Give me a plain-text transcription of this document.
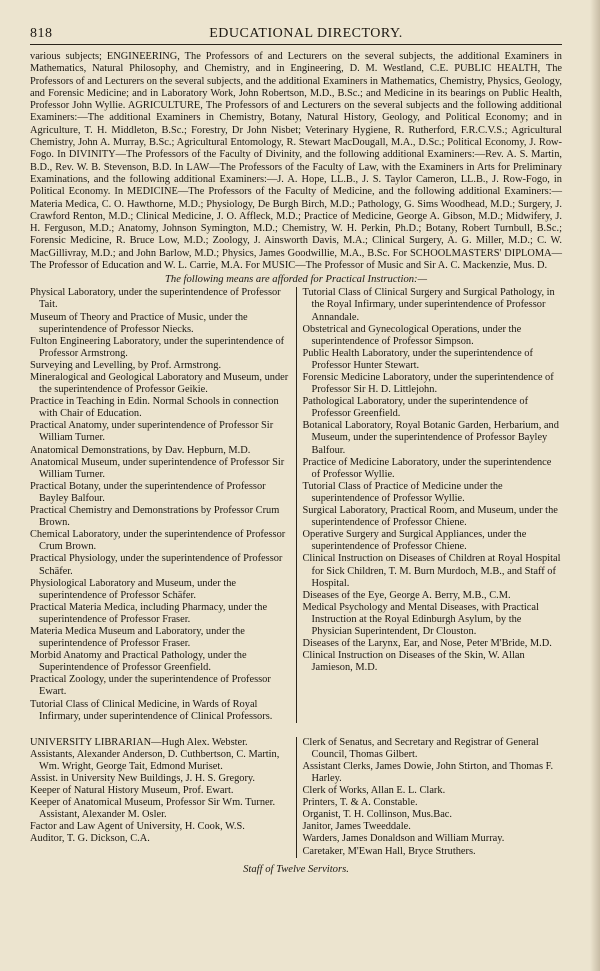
818	EDUCATIONAL DIRECTORY.

various subjects; ENGINEERING, The Professors of and Lecturers on the several subjects, the additional Examiners in Mathematics, Natural Philosophy, and Chemistry, and in Engineering, D. M. Westland, C.E. PUBLIC HEALTH, The Professors of and Lecturers on the several subjects, and the additional Examiners in Mathematics, Chemistry, Physics, Geology, and Forensic Medicine; and in Laboratory Work, John Robertson, M.D., B.Sc.; and Medicine in its bearings on Public Health, Professor John Wyllie. AGRICULTURE, The Professors of and Lecturers on the several subjects and the following additional Examiners:—The additional Examiners in Chemistry, Botany, Natural History, Geology, and Political Economy; and in Agriculture, T. H. Middleton, B.Sc.; Forestry, Dr John Nisbet; Veterinary Hygiene, R. Rutherford, F.R.C.V.S.; Agricultural Chemistry, John A. Murray, B.Sc.; Agricultural Entomology, R. Stewart MacDougall, M.A., D.Sc.; Political Economy, J. Row-Fogo. In DIVINITY—The Professors of the Faculty of Divinity, and the following additional Examiners:—Rev. A. S. Martin, B.D., Rev. W. B. Stevenson, B.D. In LAW—The Professors of the Faculty of Law, with the Examiners in Arts for Preliminary Examinations, and the following additional Examiners:—J. A. Hope, LL.B., J. S. Taylor Cameron, LL.B., J. Row-Fogo, in Political Economy. In MEDICINE—The Professors of the Faculty of Medicine, and the following additional Examiners:—Materia Medica, C. O. Hawthorne, M.D.; Physiology, De Burgh Birch, M.D.; Pathology, G. Sims Woodhead, M.D.; Surgery, J. Crawford Renton, M.D.; Clinical Medicine, J. O. Affleck, M.D.; Practice of Medicine, George A. Gibson, M.D.; Midwifery, J. H. Ferguson, M.D.; Anatomy, Johnson Symington, M.D.; Chemistry, W. H. Perkin, Ph.D.; Botany, Robert Turnbull, B.Sc.; Forensic Medicine, R. Bruce Low, M.D.; Zoology, J. Ainsworth Davis, M.A.; Clinical Surgery, A. G. Miller, M.D.; C. W. MacGillivray, M.D.; and John Barlow, M.D.; Physics, James Goodwillie, M.A., B.Sc. For SCHOOLMASTERS' DIPLOMA—The Professor of Education and W. L. Carrie, M.A. For MUSIC—The Professor of Music and Sir A. C. Mackenzie, Mus. D.

The following means are afforded for Practical Instruction:—

Physical Laboratory, under the superintendence of Professor Tait.

Museum of Theory and Practice of Music, under the superintendence of Professor Niecks.

Fulton Engineering Laboratory, under the superintendence of Professor Armstrong.

Surveying and Levelling, by Prof. Armstrong.

Mineralogical and Geological Laboratory and Museum, under the superintendence of Professor Geikie.

Practice in Teaching in Edin. Normal Schools in connection with Chair of Education.

Practical Anatomy, under superintendence of Professor Sir William Turner.

Anatomical Demonstrations, by Dav. Hepburn, M.D.

Anatomical Museum, under superintendence of Professor Sir William Turner.

Practical Botany, under the superintendence of Professor Bayley Balfour.

Practical Chemistry and Demonstrations by Professor Crum Brown.

Chemical Laboratory, under the superintendence of Professor Crum Brown.

Practical Physiology, under the superintendence of Professor Schäfer.

Physiological Laboratory and Museum, under the superintendence of Professor Schäfer.

Practical Materia Medica, including Pharmacy, under the superintendence of Professor Fraser.

Materia Medica Museum and Laboratory, under the superintendence of Professor Fraser.

Morbid Anatomy and Practical Pathology, under the Superintendence of Professor Greenfield.

Practical Zoology, under the superintendence of Professor Ewart.

Tutorial Class of Clinical Medicine, in Wards of Royal Infirmary, under superintendence of Clinical Professors.

Tutorial Class of Clinical Surgery and Surgical Pathology, in the Royal Infirmary, under superintendence of Professor Annandale.

Obstetrical and Gynecological Operations, under the superintendence of Professor Simpson.

Public Health Laboratory, under the superintendence of Professor Hunter Stewart.

Forensic Medicine Laboratory, under the superintendence of Professor Sir H. D. Littlejohn.

Pathological Laboratory, under the superintendence of Professor Greenfield.

Botanical Laboratory, Royal Botanic Garden, Herbarium, and Museum, under the superintendence of Professor Bayley Balfour.

Practice of Medicine Laboratory, under the superintendence of Professor Wyllie.

Tutorial Class of Practice of Medicine under the superintendence of Professor Wyllie.

Surgical Laboratory, Practical Room, and Museum, under the superintendence of Professor Chiene.

Operative Surgery and Surgical Appliances, under the superintendence of Professor Chiene.

Clinical Instruction on Diseases of Children at Royal Hospital for Sick Children, T. M. Burn Murdoch, M.B., and Staff of Hospital.

Diseases of the Eye, George A. Berry, M.B., C.M.

Medical Psychology and Mental Diseases, with Practical Instruction at the Royal Edinburgh Asylum, by the Physician Superintendent, Dr Clouston.

Diseases of the Larynx, Ear, and Nose, Peter M'Bride, M.D.

Clinical Instruction on Diseases of the Skin, W. Allan Jamieson, M.D.

UNIVERSITY LIBRARIAN—Hugh Alex. Webster.

Assistants, Alexander Anderson, D. Cuthbertson, C. Martin, Wm. Wright, George Tait, Edmond Muriset.

Assist. in University New Buildings, J. H. S. Gregory.

Keeper of Natural History Museum, Prof. Ewart.

Keeper of Anatomical Museum, Professor Sir Wm. Turner. Assistant, Alexander M. Osler.

Factor and Law Agent of University, H. Cook, W.S.

Auditor, T. G. Dickson, C.A.

Clerk of Senatus, and Secretary and Registrar of General Council, Thomas Gilbert.

Assistant Clerks, James Dowie, John Stirton, and Thomas F. Harley.

Clerk of Works, Allan E. L. Clark.

Printers, T. & A. Constable.

Organist, T. H. Collinson, Mus.Bac.

Janitor, James Tweeddale.

Warders, James Donaldson and William Murray.

Caretaker, M'Ewan Hall, Bryce Struthers.

Staff of Twelve Servitors.
